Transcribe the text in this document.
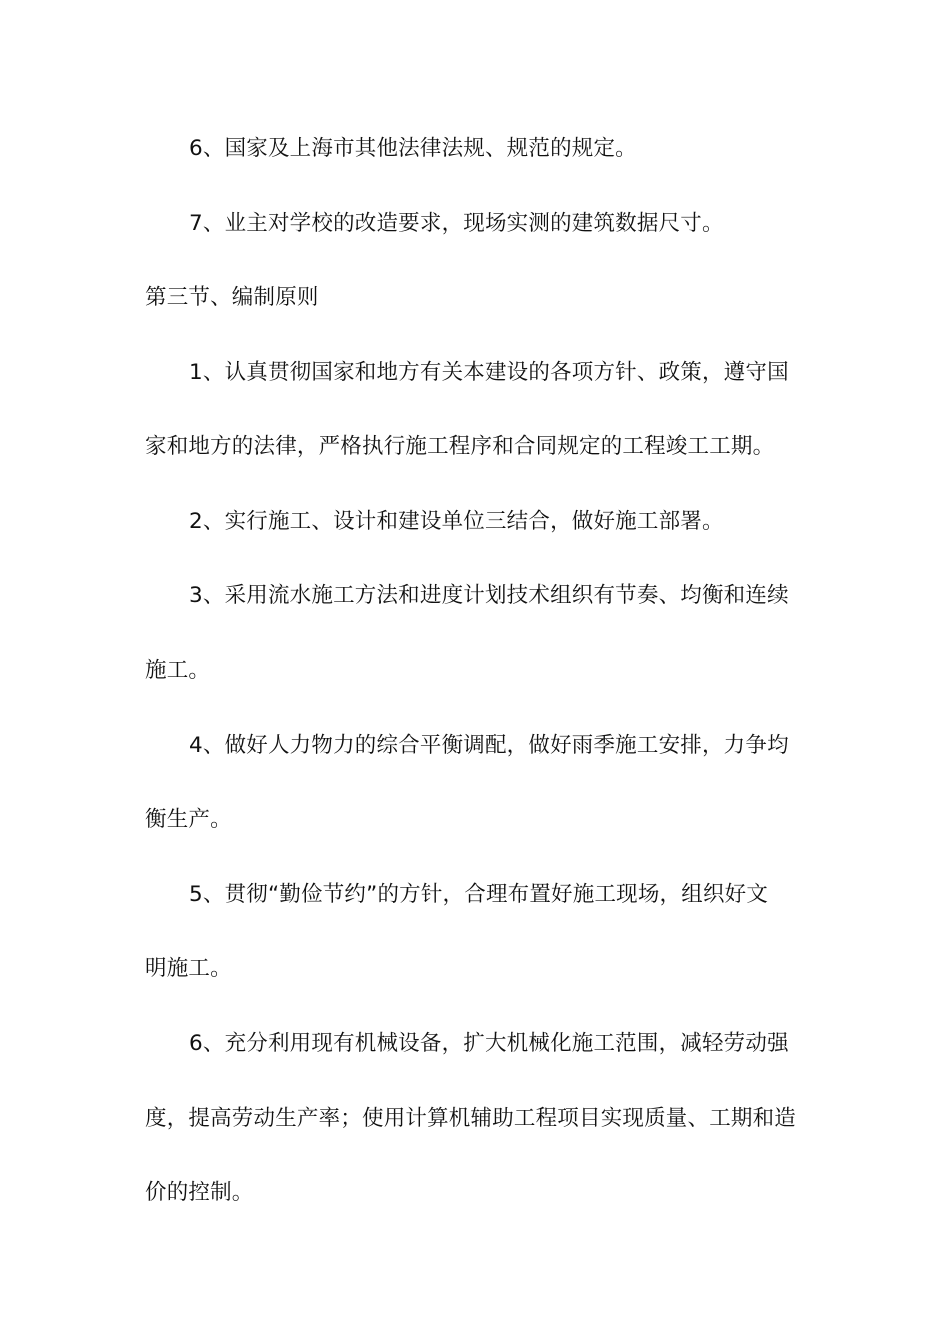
6、国家及上海市其他法律法规、规范的规定。
7、业主对学校的改造要求，现场实测的建筑数据尺寸。
第三节、编制原则
1、认真贯彻国家和地方有关本建设的各项方针、政策，遵守国
家和地方的法律，严格执行施工程序和合同规定的工程竣工工期。
2、实行施工、设计和建设单位三结合，做好施工部署。
3、采用流水施工方法和进度计划技术组织有节奏、均衡和连续
施工。
4、做好人力物力的综合平衡调配，做好雨季施工安排，力争均
衡生产。
5、贯彻“勤俭节约”的方针，合理布置好施工现场，组织好文
明施工。
6、充分利用现有机械设备，扩大机械化施工范围，减轻劳动强
度，提高劳动生产率；使用计算机辅助工程项目实现质量、工期和造
价的控制。
